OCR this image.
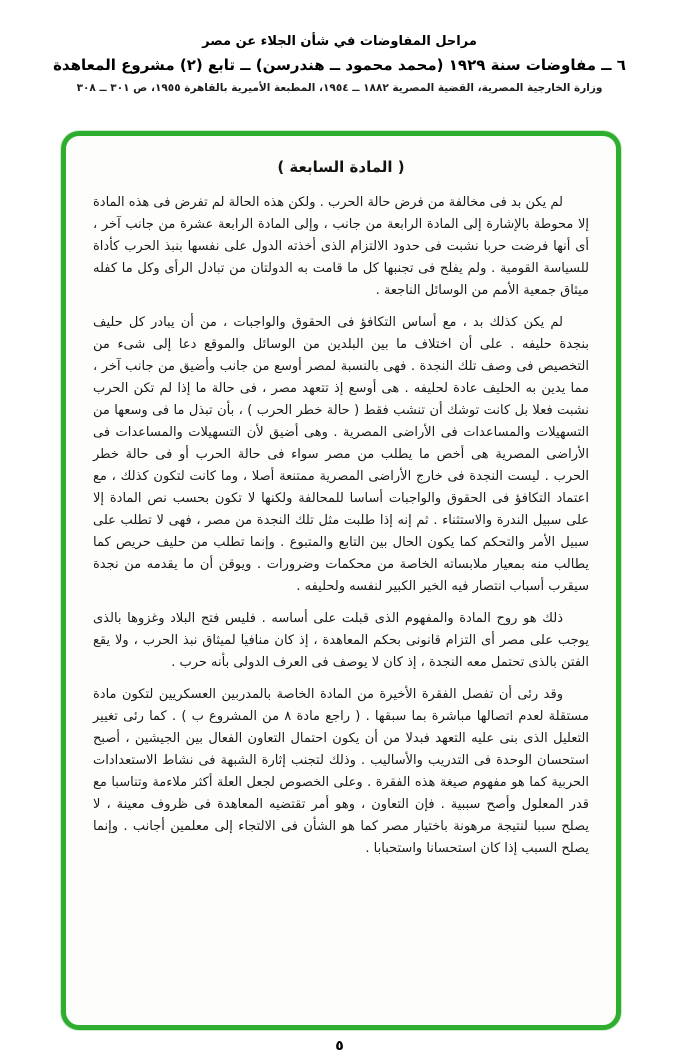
مراحل المفاوضات في شأن الجلاء عن مصر
٦ ــ مفاوضات سنة ١٩٢٩ (محمد محمود ــ هندرسن) ــ تابع (٢) مشروع المعاهدة
وزارة الخارجية المصرية، القضية المصرية ١٨٨٢ ــ ١٩٥٤، المطبعة الأميرية بالقاهرة ١٩٥٥، ص ٣٠١ ــ ٣٠٨
( المادة السابعة )

لم يكن بد فى مخالفة من فرض حالة الحرب . ولكن هذه الحالة لم تفرض فى هذه المادة إلا محوطة بالإشارة إلى المادة الرابعة من جانب ، وإلى المادة الرابعة عشرة من جانب آخر ، أى أنها فرضت حربا نشبت فى حدود الالتزام الذى أخذته الدول على نفسها بنبذ الحرب كأداة للسياسة القومية . ولم يفلح فى تجنبها كل ما قامت به الدولتان من تبادل الرأى وكل ما كفله ميثاق جمعية الأمم من الوسائل الناجعة .

لم يكن كذلك بد ، مع أساس التكافؤ فى الحقوق والواجبات ، من أن يبادر كل حليف بنجدة حليفه . على أن اختلاف ما بين البلدين من الوسائل والموقع دعا إلى شىء من التخصيص فى وصف تلك النجدة . فهى بالنسبة لمصر أوسع من جانب وأضيق من جانب آخر ، مما يدين به الحليف عادة لحليفه . هى أوسع إذ تتعهد مصر ، فى حالة ما إذا لم تكن الحرب نشبت فعلا بل كانت توشك أن تنشب فقط ( حالة خطر الحرب ) ، بأن تبذل ما فى وسعها من التسهيلات والمساعدات فى الأراضى المصرية . وهى أضيق لأن التسهيلات والمساعدات فى الأراضى المصرية هى أخص ما يطلب من مصر سواء فى حالة الحرب أو فى حالة خطر الحرب . ليست النجدة فى خارج الأراضى المصرية ممتنعة أصلا ، وما كانت لتكون كذلك ، مع اعتماد التكافؤ فى الحقوق والواجبات أساسا للمحالفة ولكنها لا تكون بحسب نص المادة إلا على سبيل الندرة والاستثناء . ثم إنه إذا طلبت مثل تلك النجدة من مصر ، فهى لا تطلب على سبيل الأمر والتحكم كما يكون الحال بين التابع والمتبوع . وإنما تطلب من حليف حريص كما يطالب منه بمعيار ملابساته الخاصة من محكمات وضرورات . ويوقن أن ما يقدمه من نجدة سيقرب أسباب انتصار فيه الخير الكبير لنفسه ولحليفه .

ذلك هو روح المادة والمفهوم الذى قبلت على أساسه . فليس فتح البلاد وغزوها بالذى يوجب على مصر أى التزام قانونى بحكم المعاهدة ، إذ كان منافيا لميثاق نبذ الحرب ، ولا يقع الفتن بالذى تحتمل معه النجدة ، إذ كان لا يوصف فى العرف الدولى بأنه حرب .

وقد رئى أن تفصل الفقرة الأخيرة من المادة الخاصة بالمدربين العسكريين لتكون مادة مستقلة لعدم اتصالها مباشرة بما سبقها . ( راجع مادة ٨ من المشروع ب ) . كما رئى تغيير التعليل الذى بنى عليه التعهد فبدلا من أن يكون احتمال التعاون الفعال بين الجيشين ، أصبح استحسان الوحدة فى التدريب والأساليب . وذلك لتجنب إثارة الشبهة فى نشاط الاستعدادات الحربية كما هو مفهوم صيغة هذه الفقرة . وعلى الخصوص لجعل العلة أكثر ملاءمة وتناسبا مع قدر المعلول وأصح سببية . فإن التعاون ، وهو أمر تقتضيه المعاهدة فى ظروف معينة ، لا يصلح سببا لنتيجة مرهونة باختيار مصر كما هو الشأن فى الالتجاء إلى معلمين أجانب . وإنما يصلح السبب إذا كان استحسانا واستحبابا .

٥
